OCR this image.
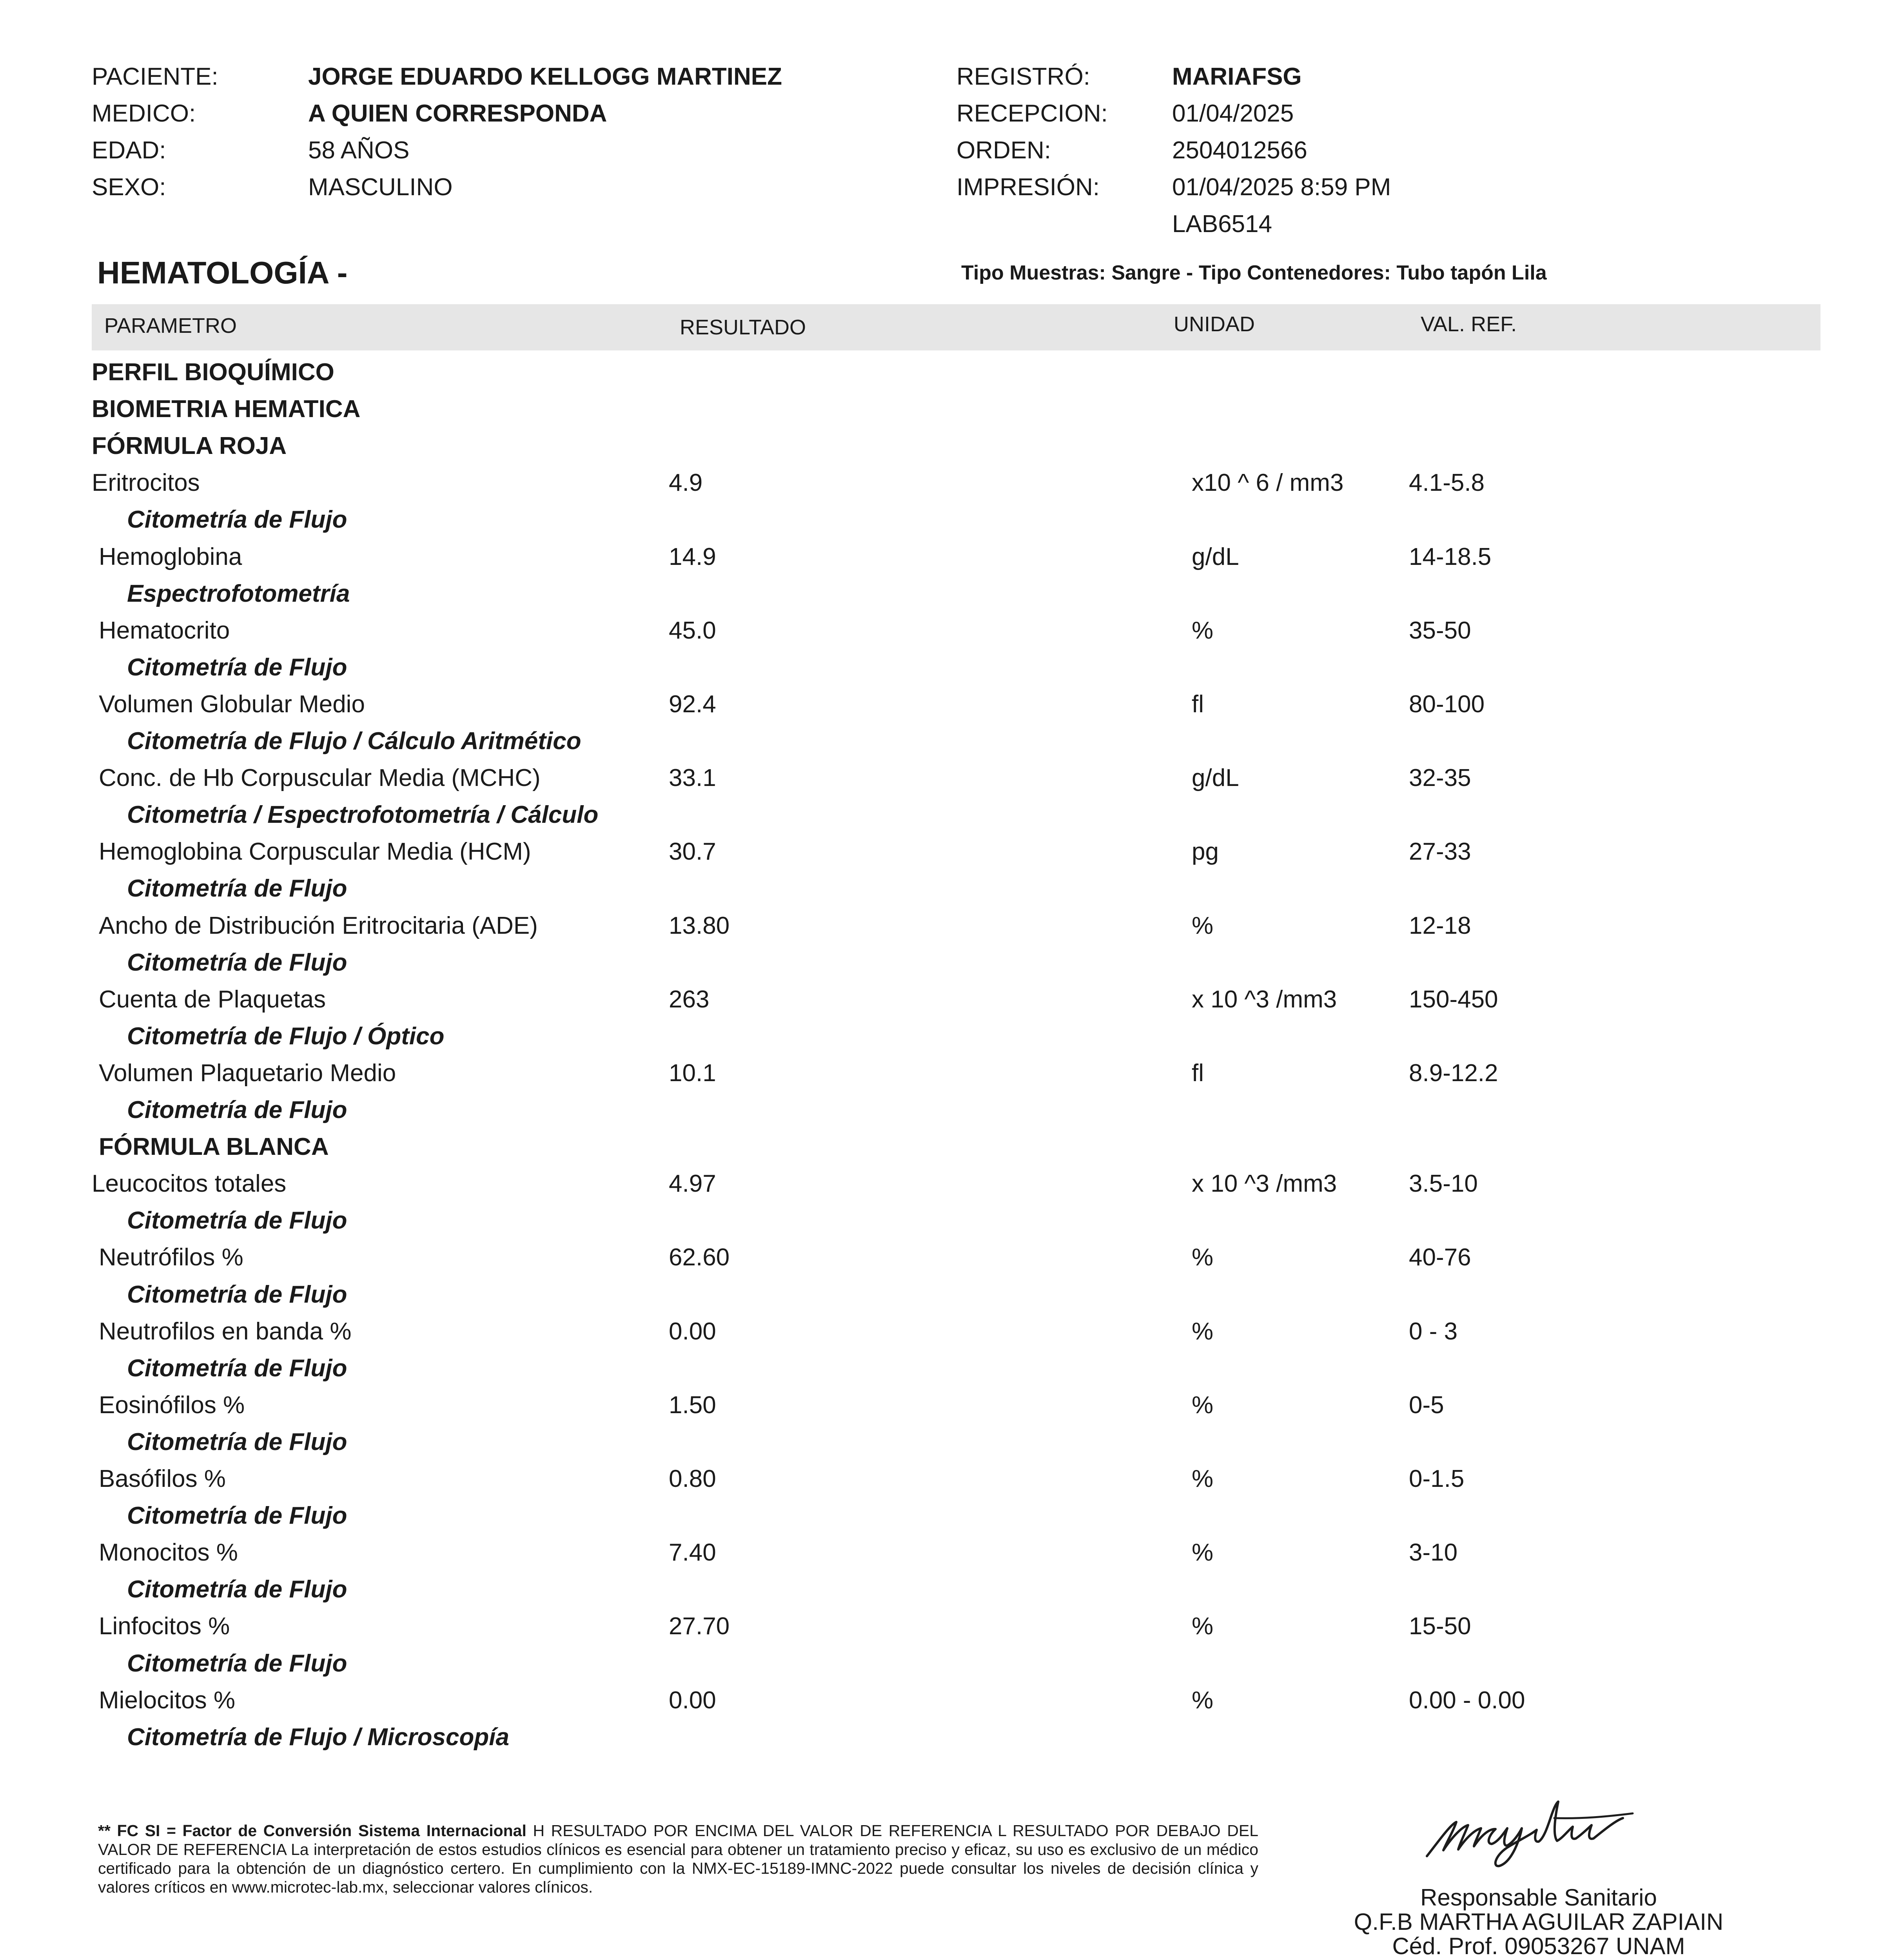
PACIENTE:	JORGE EDUARDO KELLOGG MARTINEZ
MEDICO:	A QUIEN CORRESPONDA
EDAD:	58 AÑOS
SEXO:	MASCULINO
REGISTRÓ:	MARIAFSG
RECEPCION:	01/04/2025
ORDEN:	2504012566
IMPRESIÓN:	01/04/2025 8:59 PM
LAB6514
HEMATOLOGÍA -	Tipo Muestras: Sangre - Tipo Contenedores: Tubo tapón Lila
PARAMETRO	RESULTADO	UNIDAD	VAL. REF.
PERFIL BIOQUÍMICO
BIOMETRIA HEMATICA
FÓRMULA ROJA
Eritrocitos	4.9	x10 ^ 6 / mm3	4.1-5.8
Citometría de Flujo
Hemoglobina	14.9	g/dL	14-18.5
Espectrofotometría
Hematocrito	45.0	%	35-50
Citometría de Flujo
Volumen Globular Medio	92.4	fl	80-100
Citometría de Flujo / Cálculo Aritmético
Conc. de Hb Corpuscular Media (MCHC)	33.1	g/dL	32-35
Citometría / Espectrofotometría / Cálculo
Hemoglobina Corpuscular Media (HCM)	30.7	pg	27-33
Citometría de Flujo
Ancho de Distribución Eritrocitaria (ADE)	13.80	%	12-18
Citometría de Flujo
Cuenta de Plaquetas	263	x 10 ^3 /mm3	150-450
Citometría de Flujo / Óptico
Volumen Plaquetario Medio	10.1	fl	8.9-12.2
Citometría de Flujo
FÓRMULA BLANCA
Leucocitos totales	4.97	x 10 ^3 /mm3	3.5-10
Citometría de Flujo
Neutrófilos %	62.60	%	40-76
Citometría de Flujo
Neutrofilos en banda %	0.00	%	0 - 3
Citometría de Flujo
Eosinófilos %	1.50	%	0-5
Citometría de Flujo
Basófilos %	0.80	%	0-1.5
Citometría de Flujo
Monocitos %	7.40	%	3-10
Citometría de Flujo
Linfocitos %	27.70	%	15-50
Citometría de Flujo
Mielocitos %	0.00	%	0.00 - 0.00
Citometría de Flujo / Microscopía
** FC SI = Factor de Conversión Sistema Internacional H RESULTADO POR ENCIMA DEL VALOR DE REFERENCIA L RESULTADO POR DEBAJO DEL VALOR DE REFERENCIA La interpretación de estos estudios clínicos es esencial para obtener un tratamiento preciso y eficaz, su uso es exclusivo de un médico certificado para la obtención de un diagnóstico certero. En cumplimiento con la NMX-EC-15189-IMNC-2022 puede consultar los niveles de decisión clínica y valores críticos en www.microtec-lab.mx, seleccionar valores clínicos.	Responsable Sanitario
Q.F.B MARTHA AGUILAR ZAPIAIN
Céd. Prof. 09053267 UNAM
